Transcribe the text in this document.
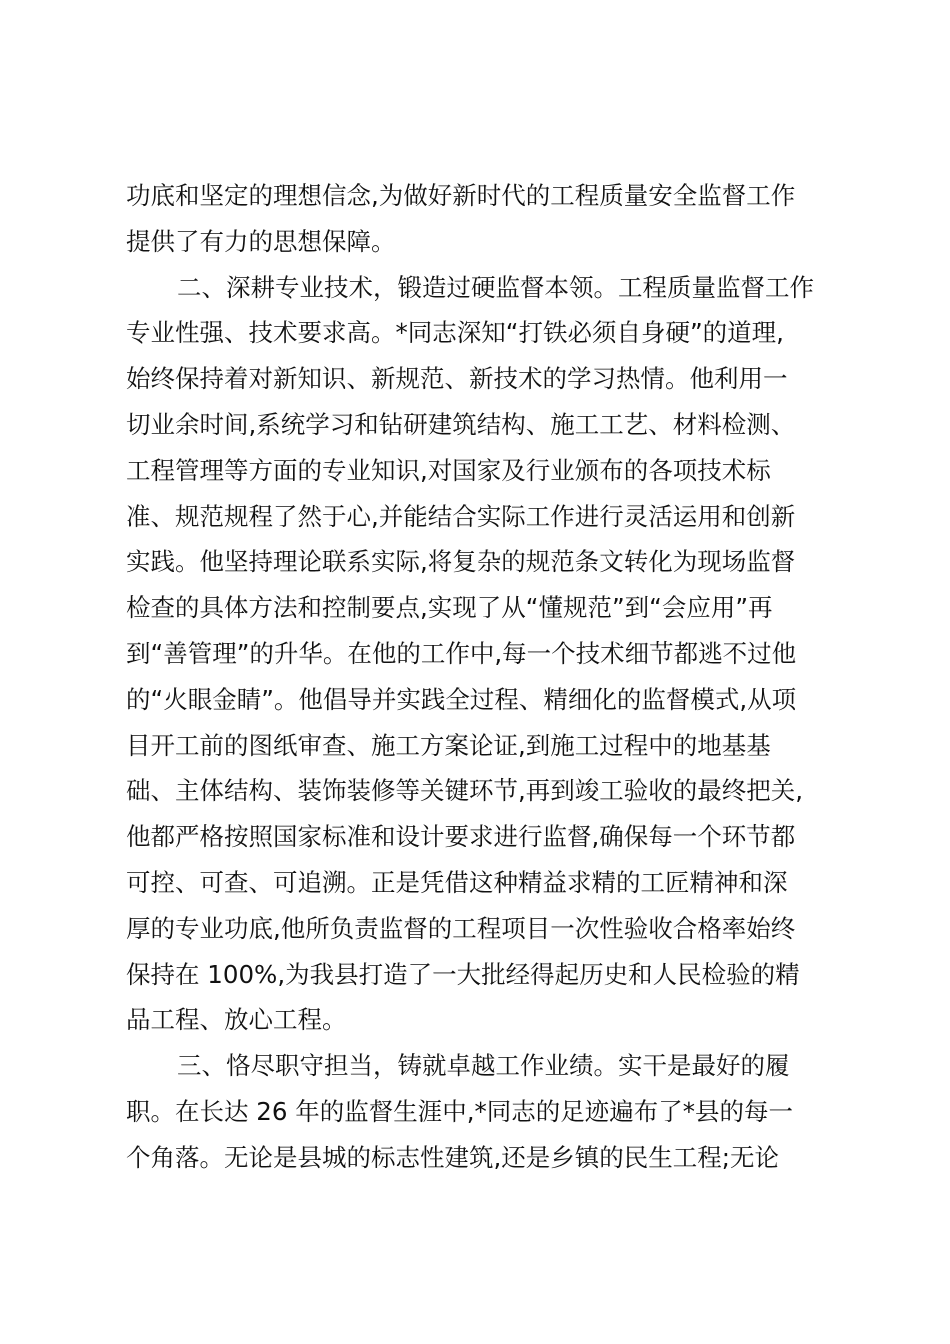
功底和坚定的理想信念,为做好新时代的工程质量安全监督工作
提供了有力的思想保障。
二、深耕专业技术，锻造过硬监督本领。工程质量监督工作
专业性强、技术要求高。*同志深知“打铁必须自身硬”的道理,
始终保持着对新知识、新规范、新技术的学习热情。他利用一
切业余时间,系统学习和钻研建筑结构、施工工艺、材料检测、
工程管理等方面的专业知识,对国家及行业颁布的各项技术标
准、规范规程了然于心,并能结合实际工作进行灵活运用和创新
实践。他坚持理论联系实际,将复杂的规范条文转化为现场监督
检查的具体方法和控制要点,实现了从“懂规范”到“会应用”再
到“善管理”的升华。在他的工作中,每一个技术细节都逃不过他
的“火眼金睛”。他倡导并实践全过程、精细化的监督模式,从项
目开工前的图纸审查、施工方案论证,到施工过程中的地基基
础、主体结构、装饰装修等关键环节,再到竣工验收的最终把关,
他都严格按照国家标准和设计要求进行监督,确保每一个环节都
可控、可查、可追溯。正是凭借这种精益求精的工匠精神和深
厚的专业功底,他所负责监督的工程项目一次性验收合格率始终
保持在 100%,为我县打造了一大批经得起历史和人民检验的精
品工程、放心工程。
三、恪尽职守担当，铸就卓越工作业绩。实干是最好的履
职。在长达 26 年的监督生涯中,*同志的足迹遍布了*县的每一
个角落。无论是县城的标志性建筑,还是乡镇的民生工程;无论
